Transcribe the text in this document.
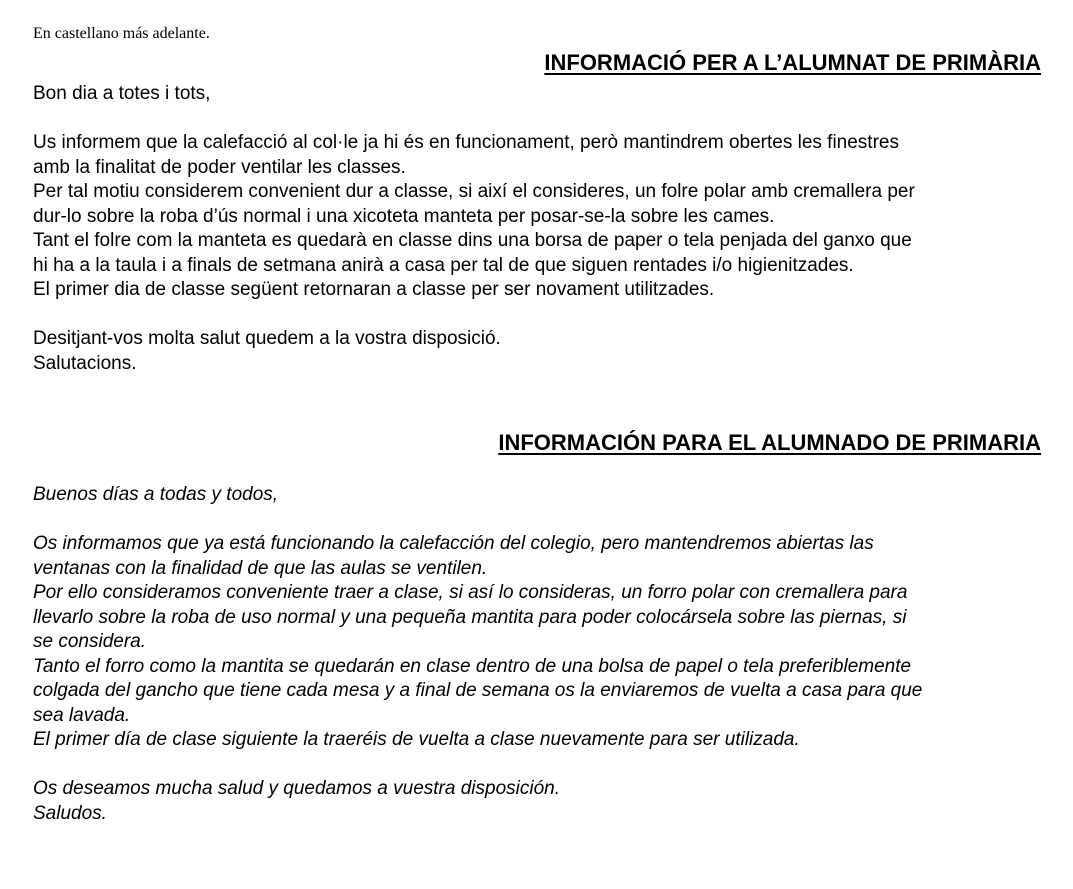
En castellano más adelante.
INFORMACIÓ PER A L’ALUMNAT DE PRIMÀRIA

Bon dia a totes i tots,

Us informem que la calefacció al col·le ja hi és en funcionament, però mantindrem obertes les finestres

amb la finalitat de poder ventilar les classes.

Per tal motiu considerem convenient dur a classe, si així el consideres, un folre polar amb cremallera per

dur-lo sobre la roba d’ús normal i una xicoteta manteta per posar-se-la sobre les cames.

Tant el folre com la manteta es quedarà en classe dins una borsa de paper o tela penjada del ganxo que

hi ha a la taula i a finals de setmana anirà a casa per tal de que siguen rentades i/o higienitzades.

El primer dia de classe següent retornaran a classe per ser novament utilitzades.

Desitjant-vos molta salut quedem a la vostra disposició.

Salutacions.

INFORMACIÓN PARA EL ALUMNADO DE PRIMARIA

Buenos días a todas y todos,

Os informamos que ya está funcionando la calefacción del colegio, pero mantendremos abiertas las

ventanas con la finalidad de que las aulas se ventilen.

Por ello consideramos conveniente traer a clase, si así lo consideras, un forro polar con cremallera para

llevarlo sobre la roba de uso normal y una pequeña mantita para poder colocársela sobre las piernas, si

se considera.

Tanto el forro como la mantita se quedarán en clase dentro de una bolsa de papel o tela preferiblemente

colgada del gancho que tiene cada mesa y a final de semana os la enviaremos de vuelta a casa para que

sea lavada.

El primer día de clase siguiente la traeréis de vuelta a clase nuevamente para ser utilizada.

Os deseamos mucha salud y quedamos a vuestra disposición.

Saludos.
